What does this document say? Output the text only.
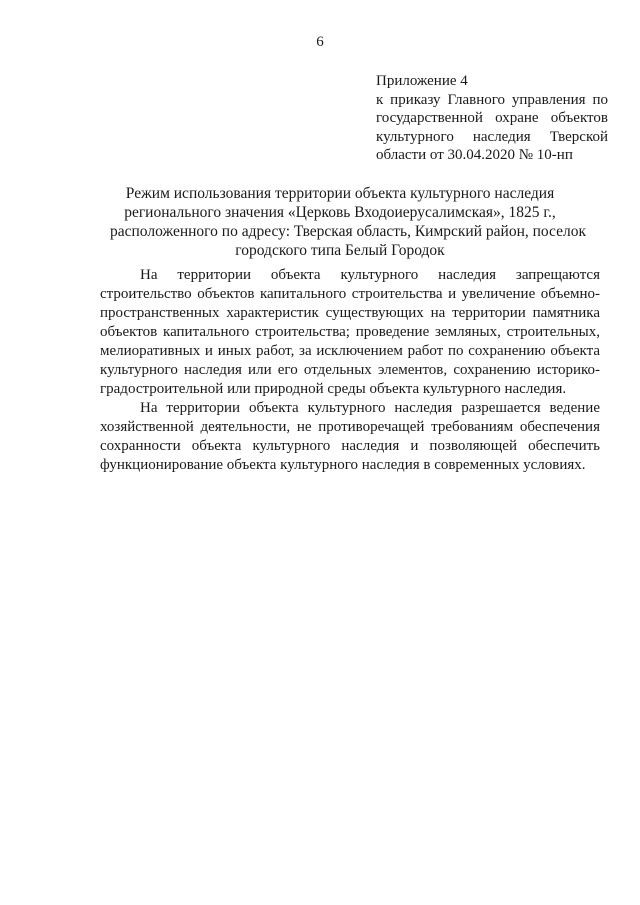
6
Приложение 4
к приказу Главного управления по
государственной охране объектов
культурного наследия Тверской
области от 30.04.2020 № 10-нп
Режим использования территории объекта культурного наследия
регионального значения «Церковь Входоиерусалимская», 1825 г.,
расположенного по адресу: Тверская область, Кимрский район, поселок
городского типа Белый Городок
На территории объекта культурного наследия запрещаются
строительство объектов капитального строительства и увеличение объемно-
пространственных характеристик существующих на территории памятника
объектов капитального строительства; проведение земляных, строительных,
мелиоративных и иных работ, за исключением работ по сохранению объекта
культурного наследия или его отдельных элементов, сохранению историко-
градостроительной или природной среды объекта культурного наследия.
На территории объекта культурного наследия разрешается ведение
хозяйственной деятельности, не противоречащей требованиям обеспечения
сохранности объекта культурного наследия и позволяющей обеспечить
функционирование объекта культурного наследия в современных условиях.
